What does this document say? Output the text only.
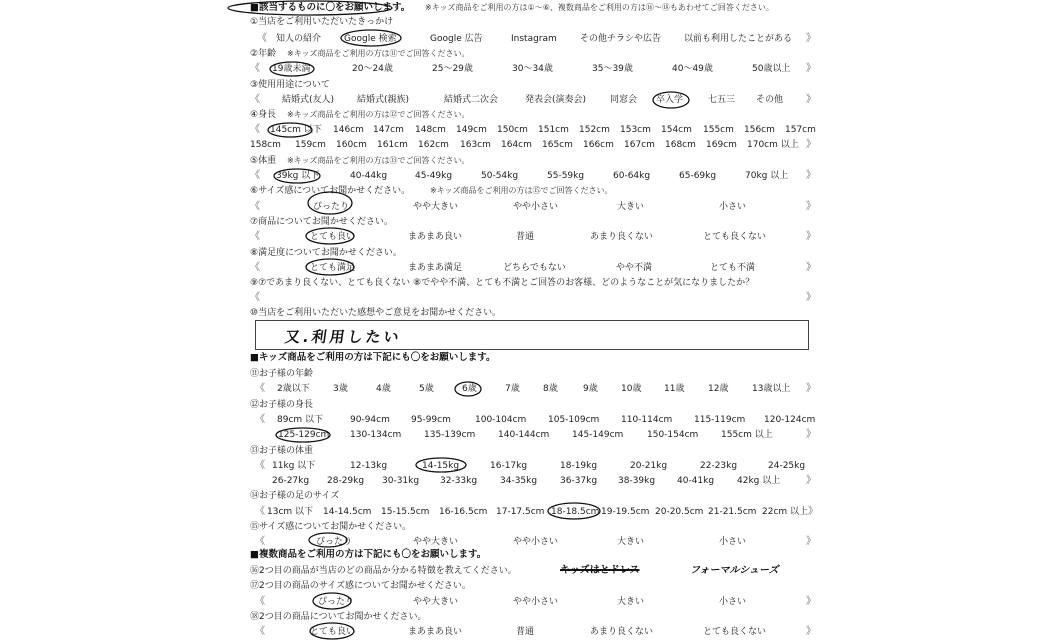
■該当するものに〇をお願いします。 ※キッズ商品をご利用の方は①～⑥、複数商品をご利用の方は⑯～⑱もあわせてご回答ください。
①当店をご利用いただいたきっかけ
《 知人の紹介	Google 検索	Google 広告	Instagram	その他チラシや広告	以前も利用したことがある 》
②年齢 ※キッズ商品をご利用の方は⑪でご回答ください。
《 19歳未満	20～24歳	25～29歳	30～34歳	35～39歳	40～49歳	50歳以上 》
③使用用途について
《 結婚式(友人)	結婚式(親族)	結婚式二次会	発表会(演奏会)	同窓会 卒入学	七五三 その他 》
④身長 ※キッズ商品をご利用の方は⑫でご回答ください。
《 145cm 以下 146cm 147cm 148cm 149cm 150cm 151cm 152cm 153cm 154cm 155cm 156cm 157cm
158cm 159cm 160cm 161cm 162cm 163cm 164cm 165cm 166cm 167cm 168cm 169cm 170cm 以上 》
⑤体重 ※キッズ商品をご利用の方は⑬でご回答ください。
《 39kg 以下	40-44kg	45-49kg	50-54kg	55-59kg	60-64kg	65-69kg	70kg 以上 》
⑥サイズ感についてお聞かせください。 ※キッズ商品をご利用の方は⑮でご回答ください。
《	ぴったり	やや大きい	やや小さい	大きい	小さい	》
⑦商品についてお聞かせください。
《	とても良い	まあまあ良い	普通	あまり良くない	とても良くない	》
⑧満足度についてお聞かせください。
《	とても満足	まあまあ満足	どちらでもない	やや不満	とても不満	》
⑨⑦であまり良くない、とても良くない ⑧でやや不満、とても不満とご回答のお客様、どのようなことが気になりましたか？
《	》
⑩当店をご利用いただいた感想やご意見をお聞かせください。
又.利用したい
■キッズ商品をご利用の方は下記にも〇をお願いします。
⑪お子様の年齢
《 2歳以下	3歳	4歳	5歳	6歳	7歳	8歳	9歳	10歳	11歳	12歳	13歳以上 》
⑫お子様の身長
《 89cm 以下	90-94cm 95-99cm	100-104cm 105-109cm 110-114cm 115-119cm 120-124cm
125-129cm 130-134cm	135-139cm	140-144cm	145-149cm	150-154cm	155cm 以上	》
⑬お子様の体重
《 11kg 以下	12-13kg	14-15kg	16-17kg	18-19kg	20-21kg	22-23kg	24-25kg
26-27kg 28-29kg 30-31kg 32-33kg	34-35kg	36-37kg 38-39kg 40-41kg	42kg 以上	》
⑭お子様の足のサイズ
《 13cm 以下 14-14.5cm 15-15.5cm 16-16.5cm 17-17.5cm 18-18.5cm 19-19.5cm 20-20.5cm 21-21.5cm 22cm 以上 》
⑮サイズ感についてお聞かせください。
《	ぴったり	やや大きい	やや小さい	大きい	小さい	》
■複数商品をご利用の方は下記にも〇をお願いします。
⑯2つ目の商品が当店のどの商品か分かる特徴を教えてください。	キッズはとドレス	フォーマルシューズ
⑰2つ目の商品のサイズ感についてお聞かせください。
《	ぴったり	やや大きい	やや小さい	大きい	小さい	》
⑱2つ目の商品についてお聞かせください。
《	とても良い	まあまあ良い	普通	あまり良くない	とても良くない	》
